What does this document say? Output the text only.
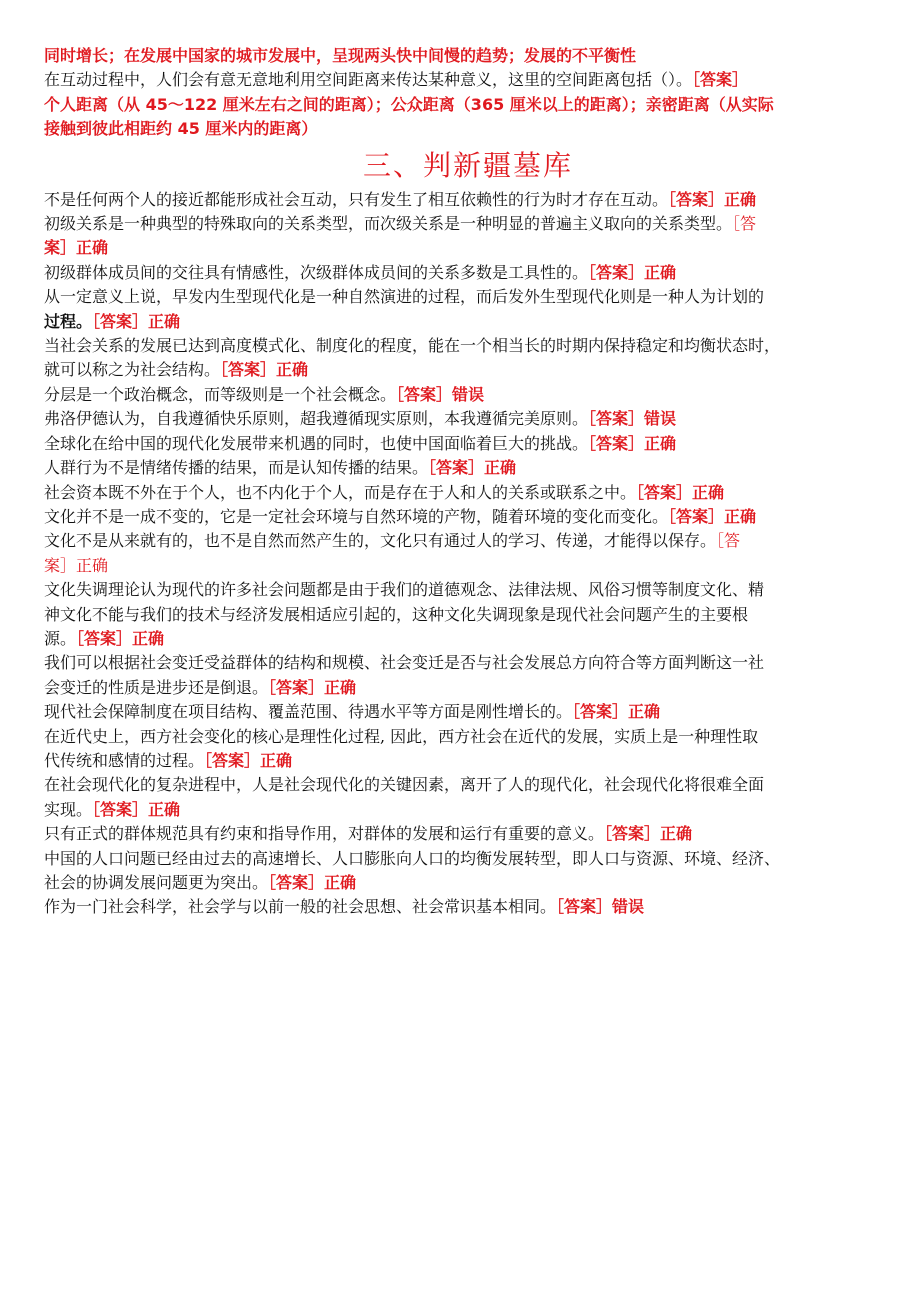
同时增长；在发展中国家的城市发展中，呈现两头快中间慢的趋势；发展的不平衡性

在互动过程中，人们会有意无意地利用空间距离来传达某种意义，这里的空间距离包括（）。［答案］

个人距离（从 45～122 厘米左右之间的距离）；公众距离（365 厘米以上的距离）；亲密距离（从实际

接触到彼此相距约 45 厘米内的距离）

三、判新疆墓库

不是任何两个人的接近都能形成社会互动，只有发生了相互依赖性的行为时才存在互动。［答案］正确

初级关系是一种典型的特殊取向的关系类型，而次级关系是一种明显的普遍主义取向的关系类型。［答

案］正确

初级群体成员间的交往具有情感性，次级群体成员间的关系多数是工具性的。［答案］正确

从一定意义上说，早发内生型现代化是一种自然演进的过程，而后发外生型现代化则是一种人为计划的

过程。［答案］正确

当社会关系的发展已达到高度模式化、制度化的程度，能在一个相当长的时期内保持稳定和均衡状态时，

就可以称之为社会结构。［答案］正确

分层是一个政治概念，而等级则是一个社会概念。［答案］错误

弗洛伊德认为，自我遵循快乐原则，超我遵循现实原则，本我遵循完美原则。［答案］错误

全球化在给中国的现代化发展带来机遇的同时，也使中国面临着巨大的挑战。［答案］正确

人群行为不是情绪传播的结果，而是认知传播的结果。［答案］正确

社会资本既不外在于个人，也不内化于个人，而是存在于人和人的关系或联系之中。［答案］正确

文化并不是一成不变的，它是一定社会环境与自然环境的产物，随着环境的变化而变化。［答案］正确

文化不是从来就有的，也不是自然而然产生的，文化只有通过人的学习、传递，才能得以保存。［答

案］正确

文化失调理论认为现代的许多社会问题都是由于我们的道德观念、法律法规、风俗习惯等制度文化、精

神文化不能与我们的技术与经济发展相适应引起的，这种文化失调现象是现代社会问题产生的主要根

源。［答案］正确

我们可以根据社会变迁受益群体的结构和规模、社会变迁是否与社会发展总方向符合等方面判断这一社

会变迁的性质是进步还是倒退。［答案］正确

现代社会保障制度在项目结构、覆盖范围、待遇水平等方面是刚性增长的。［答案］正确

在近代史上，西方社会变化的核心是理性化过程, 因此，西方社会在近代的发展，实质上是一种理性取

代传统和感情的过程。［答案］正确

在社会现代化的复杂进程中，人是社会现代化的关键因素，离开了人的现代化，社会现代化将很难全面

实现。［答案］正确

只有正式的群体规范具有约束和指导作用，对群体的发展和运行有重要的意义。［答案］正确

中国的人口问题已经由过去的高速增长、人口膨胀向人口的均衡发展转型，即人口与资源、环境、经济、

社会的协调发展问题更为突出。［答案］正确

作为一门社会科学，社会学与以前一般的社会思想、社会常识基本相同。［答案］错误
